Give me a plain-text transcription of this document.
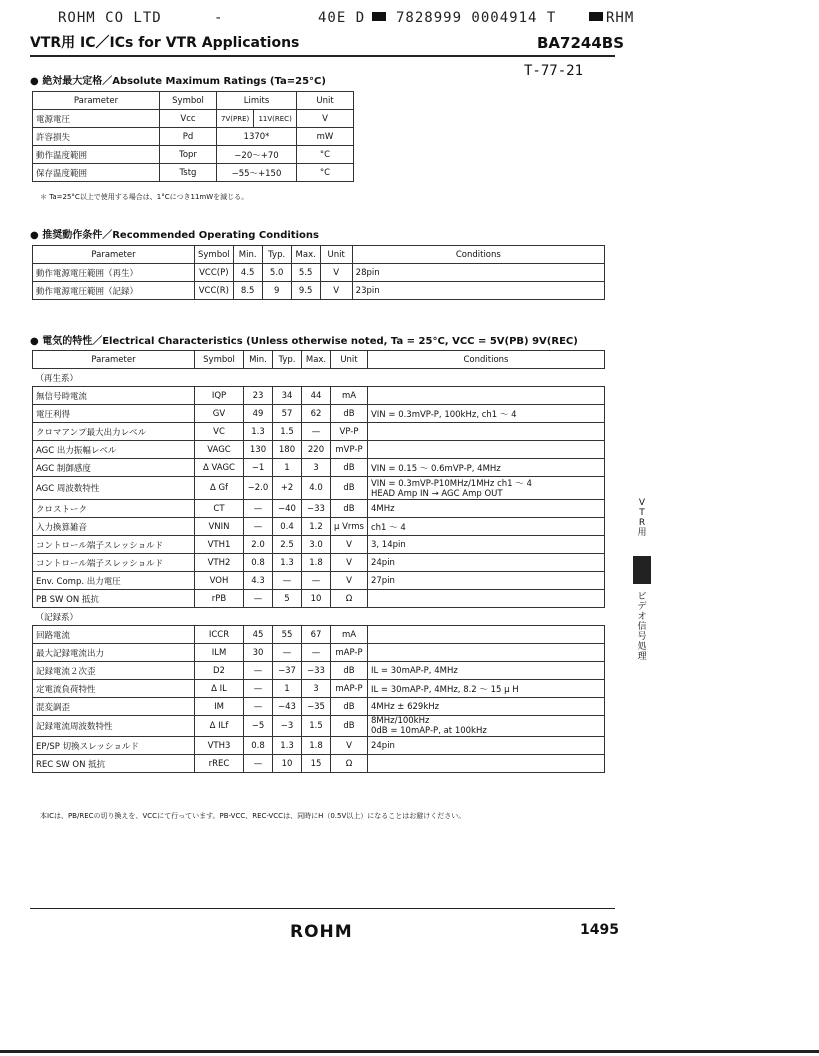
ROHM CO LTD	-	40E D 7828999 0004914 T	RHM
VTR用 IC／ICs for VTR Applications	BA7244BS
T-77-21
● 絶対最大定格／Absolute Maximum Ratings (Ta=25°C)
Parameter	Symbol	Limits		Unit
電源電圧	Vcc	7V(PRE)	11V(REC)	V
許容損失	Pd	1370*		mW
動作温度範囲	Topr	−20〜+70		°C
保存温度範囲	Tstg	−55〜+150		°C
＊ Ta=25°C以上で使用する場合は、1°Cにつき11mWを減じる。
● 推奨動作条件／Recommended Operating Conditions
Parameter	Symbol	Min.	Typ.	Max.	Unit	Conditions
動作電源電圧範囲（再生）	VCC(P)	4.5	5.0	5.5	V	28pin
動作電源電圧範囲（記録）	VCC(R)	8.5	9	9.5	V	23pin
● 電気的特性／Electrical Characteristics (Unless otherwise noted, Ta = 25°C, VCC = 5V(PB) 9V(REC)
Parameter	Symbol	Min.	Typ.	Max.	Unit	Conditions
（再生系）						
無信号時電流	IQP	23	34	44	mA	
電圧利得	GV	49	57	62	dB	VIN = 0.3mVP-P, 100kHz, ch1 〜 4
クロマアンプ最大出力レベル	VC	1.3	1.5	—	VP-P	
AGC 出力振幅レベル	VAGC	130	180	220	mVP-P	
AGC 制御感度	Δ VAGC	−1	1	3	dB	VIN = 0.15 〜 0.6mVP-P, 4MHz
AGC 周波数特性	Δ Gf	−2.0	+2	4.0	dB	VIN = 0.3mVP-P10MHz/1MHz ch1 〜 4
HEAD Amp IN → AGC Amp OUT

クロストーク	CT	—	−40	−33	dB	4MHz
入力換算雑音	VNIN	—	0.4	1.2	μ Vrms	ch1 〜 4
コントロール端子スレッショルド	VTH1	2.0	2.5	3.0	V	3, 14pin
コントロール端子スレッショルド	VTH2	0.8	1.3	1.8	V	24pin
Env. Comp. 出力電圧	VOH	4.3	—	—	V	27pin
PB SW ON 抵抗	rPB	—	5	10	Ω	
（記録系）						
回路電流	ICCR	45	55	67	mA	
最大記録電流出力	ILM	30	—	—	mAP-P	
記録電流２次歪	D2	—	−37	−33	dB	IL = 30mAP-P, 4MHz
定電流負荷特性	Δ IL	—	1	3	mAP-P	IL = 30mAP-P, 4MHz, 8.2 〜 15 μ H
混変調歪	IM	—	−43	−35	dB	4MHz ± 629kHz
記録電流周波数特性	Δ ILf	−5	−3	1.5	dB	8MHz/100kHz
0dB = 10mAP-P, at 100kHz

EP/SP 切換スレッショルド	VTH3	0.8	1.3	1.8	V	24pin
REC SW ON 抵抗	rREC	—	10	15	Ω	
本ICは、PB/RECの切り換えを、VCCにて行っています。PB-VCC、REC-VCCは、同時にH（0.5V以上）になることはお避けください。
V
T
R
用
ビ
デ
オ
信
号
処
理
ROHM	1495
